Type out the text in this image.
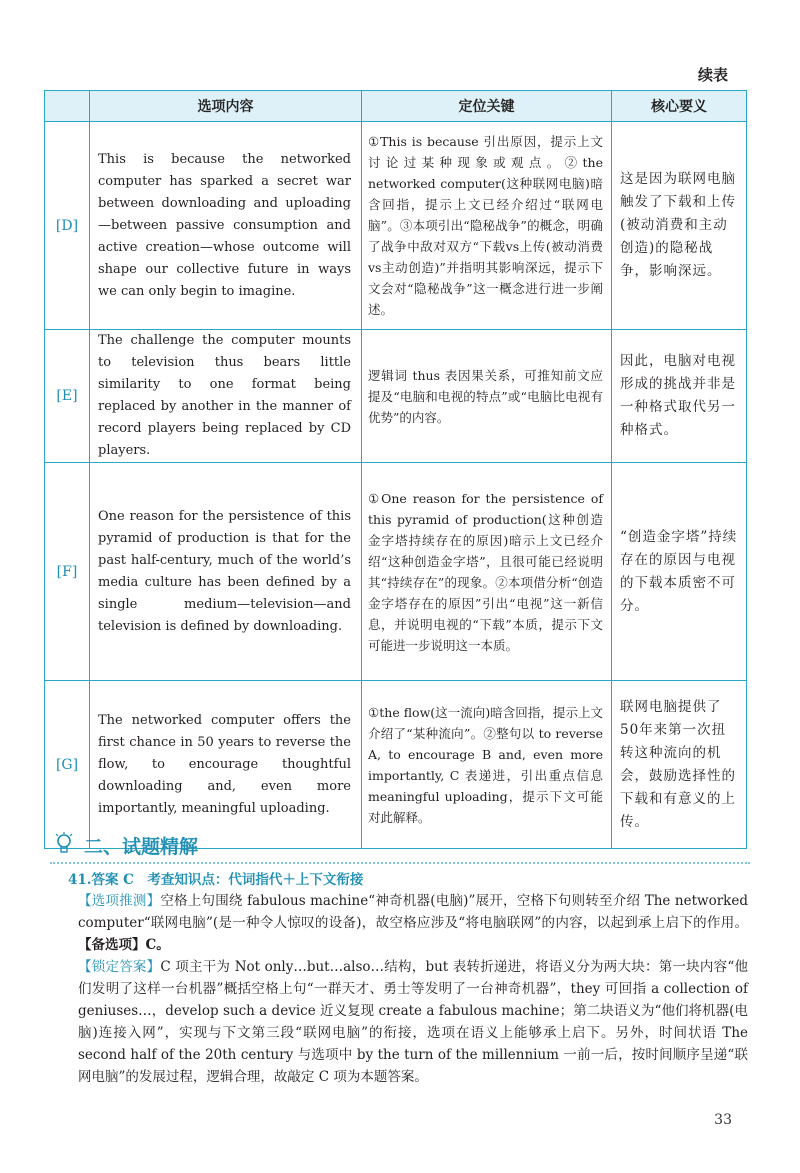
续表
	选项内容	定位关键	核心要义
[D]	This is because the networked computer has sparked a secret war between downloading and uploading—between passive consumption and active creation—whose outcome will shape our collective future in ways we can only begin to imagine.	①This is because 引出原因，提示上文讨论过某种现象或观点。②the networked computer(这种联网电脑)暗含回指，提示上文已经介绍过“联网电脑”。③本项引出“隐秘战争”的概念，明确了战争中敌对双方“下载vs上传(被动消费vs主动创造)”并指明其影响深远，提示下文会对“隐秘战争”这一概念进行进一步阐述。	这是因为联网电脑触发了下载和上传(被动消费和主动创造)的隐秘战争，影响深远。
[E]	The challenge the computer mounts to television thus bears little similarity to one format being replaced by another in the manner of record players being replaced by CD players.	逻辑词 thus 表因果关系，可推知前文应提及“电脑和电视的特点”或“电脑比电视有优势”的内容。	因此，电脑对电视形成的挑战并非是一种格式取代另一种格式。
[F]	One reason for the persistence of this pyramid of production is that for the past half-century, much of the world’s media culture has been defined by a single medium—television—and television is defined by downloading.	①One reason for the persistence of this pyramid of production(这种创造金字塔持续存在的原因)暗示上文已经介绍“这种创造金字塔”，且很可能已经说明其“持续存在”的现象。②本项借分析“创造金字塔存在的原因”引出“电视”这一新信息，并说明电视的“下载”本质，提示下文可能进一步说明这一本质。	“创造金字塔”持续存在的原因与电视的下载本质密不可分。
[G]	The networked computer offers the first chance in 50 years to reverse the flow, to encourage thoughtful downloading and, even more importantly, meaningful uploading.	①the flow(这一流向)暗含回指，提示上文介绍了“某种流向”。②整句以 to reverse A, to encourage B and, even more importantly, C 表递进，引出重点信息 meaningful uploading，提示下文可能对此解释。	联网电脑提供了50年来第一次扭转这种流向的机会，鼓励选择性的下载和有意义的上传。
二、试题精解
41.答案 C　考查知识点：代词指代＋上下文衔接
【选项推测】空格上句围绕 fabulous machine“神奇机器(电脑)”展开，空格下句则转至介绍 The networked computer“联网电脑”(是一种令人惊叹的设备)，故空格应涉及“将电脑联网”的内容，以起到承上启下的作用。【备选项】C。
【锁定答案】C 项主干为 Not only…but…also…结构，but 表转折递进，将语义分为两大块：第一块内容“他们发明了这样一台机器”概括空格上句“一群天才、勇士等发明了一台神奇机器”，they 可回指 a collection of geniuses…，develop such a device 近义复现 create a fabulous machine；第二块语义为“他们将机器(电脑)连接入网”，实现与下文第三段“联网电脑”的衔接，选项在语义上能够承上启下。另外，时间状语 The second half of the 20th century 与选项中 by the turn of the millennium 一前一后，按时间顺序呈递“联网电脑”的发展过程，逻辑合理，故敲定 C 项为本题答案。
33
